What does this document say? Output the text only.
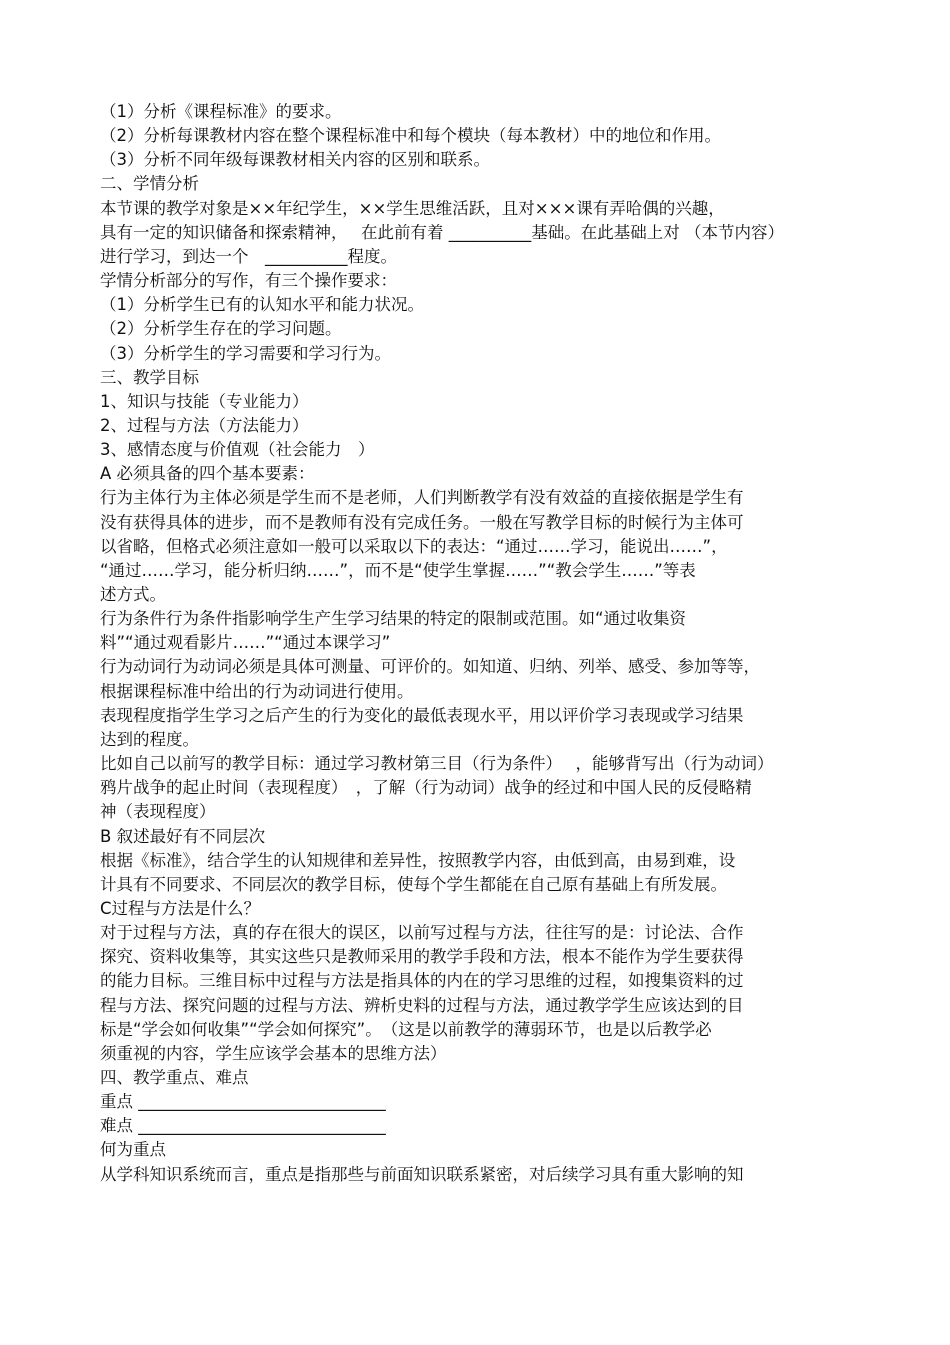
（1）分析《课程标准》的要求。
（2）分析每课教材内容在整个课程标准中和每个模块（每本教材）中的地位和作用。
（3）分析不同年级每课教材相关内容的区别和联系。
二、学情分析
本节课的教学对象是××年纪学生，××学生思维活跃，且对×××课有弄哈偶的兴趣，
具有一定的知识储备和探索精神，　 在此前有着 __________基础。在此基础上对 （本节内容）
进行学习，到达一个　__________程度。
学情分析部分的写作，有三个操作要求：
（1）分析学生已有的认知水平和能力状况。
（2）分析学生存在的学习问题。
（3）分析学生的学习需要和学习行为。
三、教学目标
1、知识与技能（专业能力）
2、过程与方法（方法能力）
3、感情态度与价值观（社会能力　）
A 必须具备的四个基本要素：
行为主体行为主体必须是学生而不是老师，人们判断教学有没有效益的直接依据是学生有
没有获得具体的进步，而不是教师有没有完成任务。一般在写教学目标的时候行为主体可
以省略，但格式必须注意如一般可以采取以下的表达：“通过……学习，能说出……”，
“通过……学习，能分析归纳……”，而不是“使学生掌握……”“教会学生……”等表
述方式。
行为条件行为条件指影响学生产生学习结果的特定的限制或范围。如“通过收集资
料”“通过观看影片……”“通过本课学习”
行为动词行为动词必须是具体可测量、可评价的。如知道、归纳、列举、感受、参加等等，
根据课程标准中给出的行为动词进行使用。
表现程度指学生学习之后产生的行为变化的最低表现水平，用以评价学习表现或学习结果
达到的程度。
比如自己以前写的教学目标：通过学习教材第三目（行为条件）　 ，能够背写出（行为动词）
鸦片战争的起止时间（表现程度）　，了解（行为动词）战争的经过和中国人民的反侵略精
神（表现程度）
B 叙述最好有不同层次
根据《标准》，结合学生的认知规律和差异性，按照教学内容，由低到高，由易到难，设
计具有不同要求、不同层次的教学目标，使每个学生都能在自己原有基础上有所发展。
C过程与方法是什么？
对于过程与方法，真的存在很大的误区，以前写过程与方法，往往写的是：讨论法、合作
探究、资料收集等，其实这些只是教师采用的教学手段和方法，根本不能作为学生要获得
的能力目标。三维目标中过程与方法是指具体的内在的学习思维的过程，如搜集资料的过
程与方法、探究问题的过程与方法、辨析史料的过程与方法，通过教学学生应该达到的目
标是“学会如何收集”“学会如何探究”。　（这是以前教学的薄弱环节，也是以后教学必
须重视的内容，学生应该学会基本的思维方法）
四、教学重点、难点
重点 ______________________________
难点 ______________________________
何为重点
从学科知识系统而言，重点是指那些与前面知识联系紧密，对后续学习具有重大影响的知
